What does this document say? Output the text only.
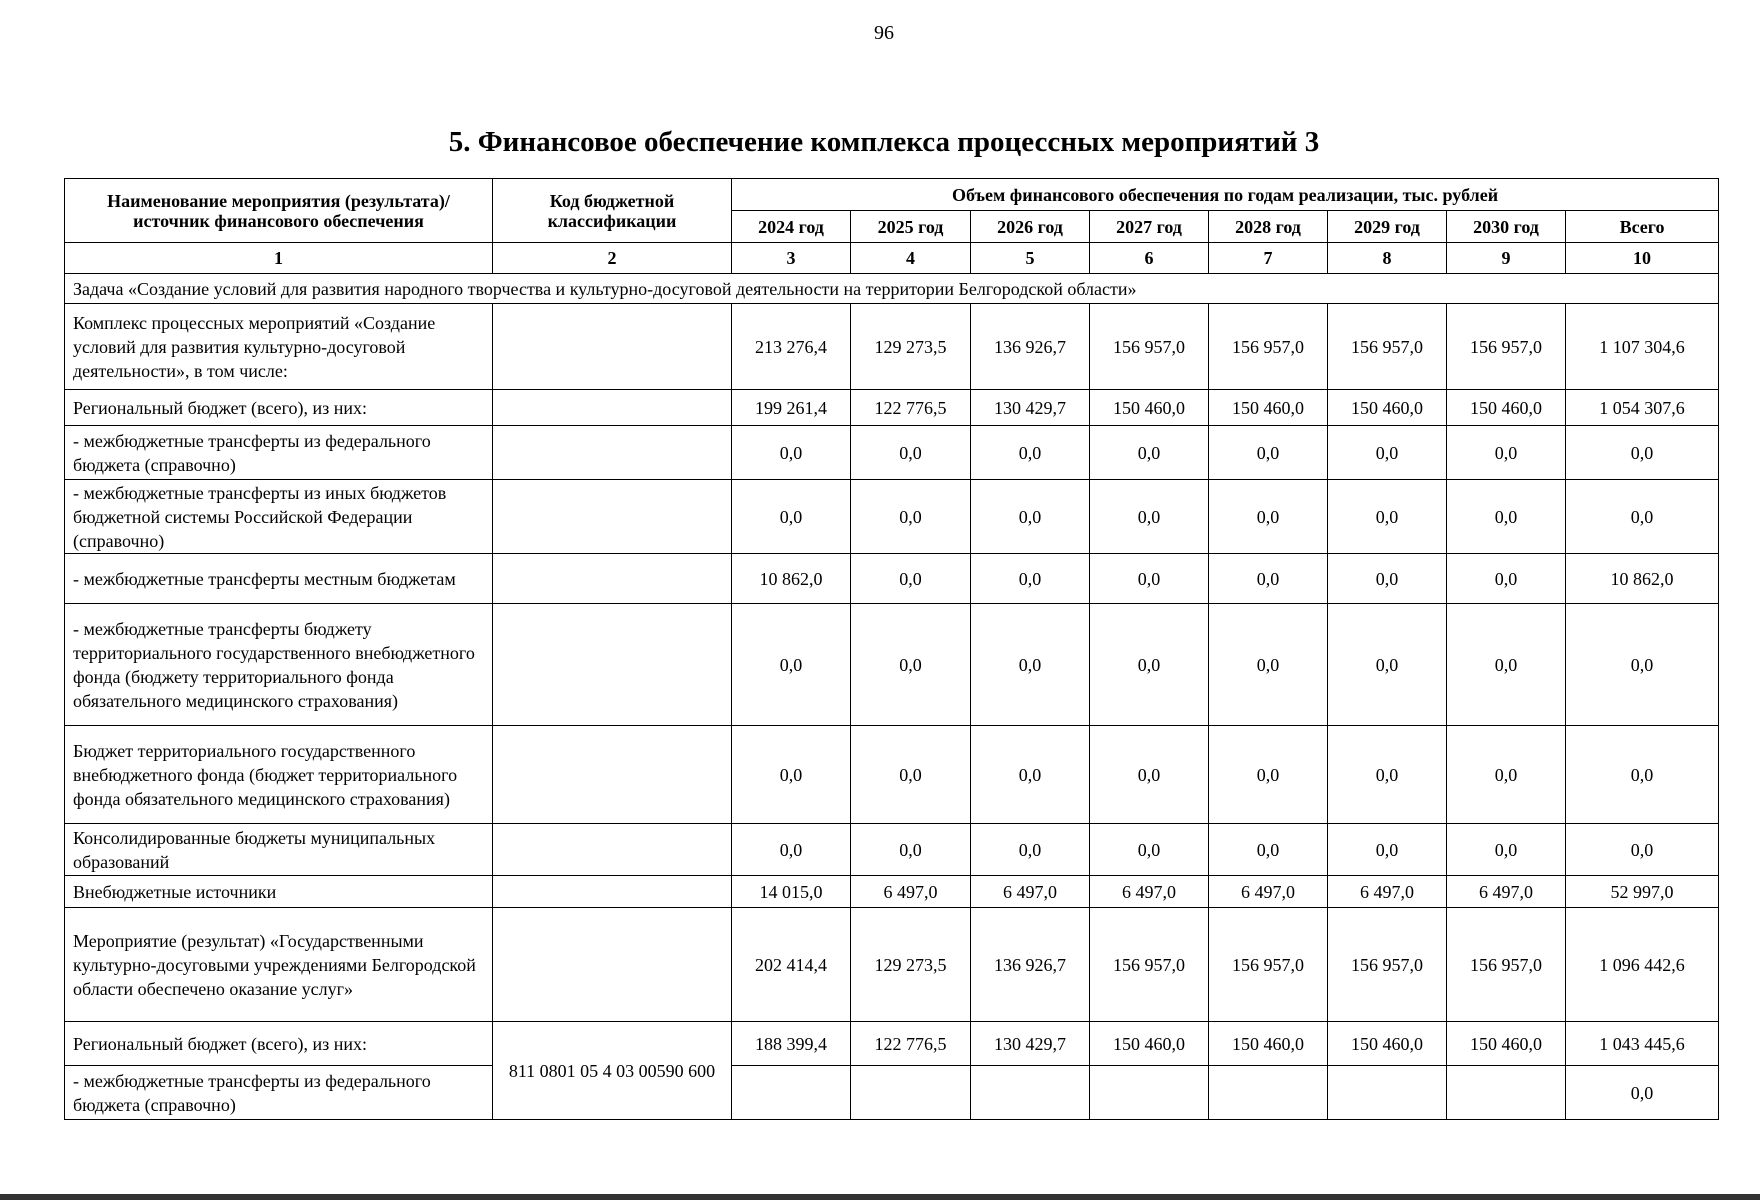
96
5. Финансовое обеспечение комплекса процессных мероприятий 3
Наименование мероприятия (результата)/ источник финансового обеспечения	Код бюджетной классификации	Объем финансового обеспечения по годам реализации, тыс. рублей							
		2024 год	2025 год	2026 год	2027 год	2028 год	2029 год	2030 год	Всего
1	2	3	4	5	6	7	8	9	10
Задача «Создание условий для развития народного творчества и культурно-досуговой деятельности на территории Белгородской области»									
Комплекс процессных мероприятий «Создание условий для развития культурно-досуговой деятельности», в том числе:		213 276,4	129 273,5	136 926,7	156 957,0	156 957,0	156 957,0	156 957,0	1 107 304,6
Региональный бюджет (всего), из них:		199 261,4	122 776,5	130 429,7	150 460,0	150 460,0	150 460,0	150 460,0	1 054 307,6
- межбюджетные трансферты из федерального бюджета (справочно)		0,0	0,0	0,0	0,0	0,0	0,0	0,0	0,0
- межбюджетные трансферты из иных бюджетов бюджетной системы Российской Федерации (справочно)		0,0	0,0	0,0	0,0	0,0	0,0	0,0	0,0
- межбюджетные трансферты местным бюджетам		10 862,0	0,0	0,0	0,0	0,0	0,0	0,0	10 862,0
- межбюджетные трансферты бюджету территориального государственного внебюджетного фонда (бюджету территориального фонда обязательного медицинского страхования)		0,0	0,0	0,0	0,0	0,0	0,0	0,0	0,0
Бюджет территориального государственного внебюджетного фонда (бюджет территориального фонда обязательного медицинского страхования)		0,0	0,0	0,0	0,0	0,0	0,0	0,0	0,0
Консолидированные бюджеты муниципальных образований		0,0	0,0	0,0	0,0	0,0	0,0	0,0	0,0
Внебюджетные источники		14 015,0	6 497,0	6 497,0	6 497,0	6 497,0	6 497,0	6 497,0	52 997,0
Мероприятие (результат) «Государственными культурно-досуговыми учреждениями Белгородской области обеспечено оказание услуг»		202 414,4	129 273,5	136 926,7	156 957,0	156 957,0	156 957,0	156 957,0	1 096 442,6
Региональный бюджет (всего), из них:	811 0801 05 4 03 00590 600	188 399,4	122 776,5	130 429,7	150 460,0	150 460,0	150 460,0	150 460,0	1 043 445,6
- межбюджетные трансферты из федерального бюджета (справочно)									0,0
